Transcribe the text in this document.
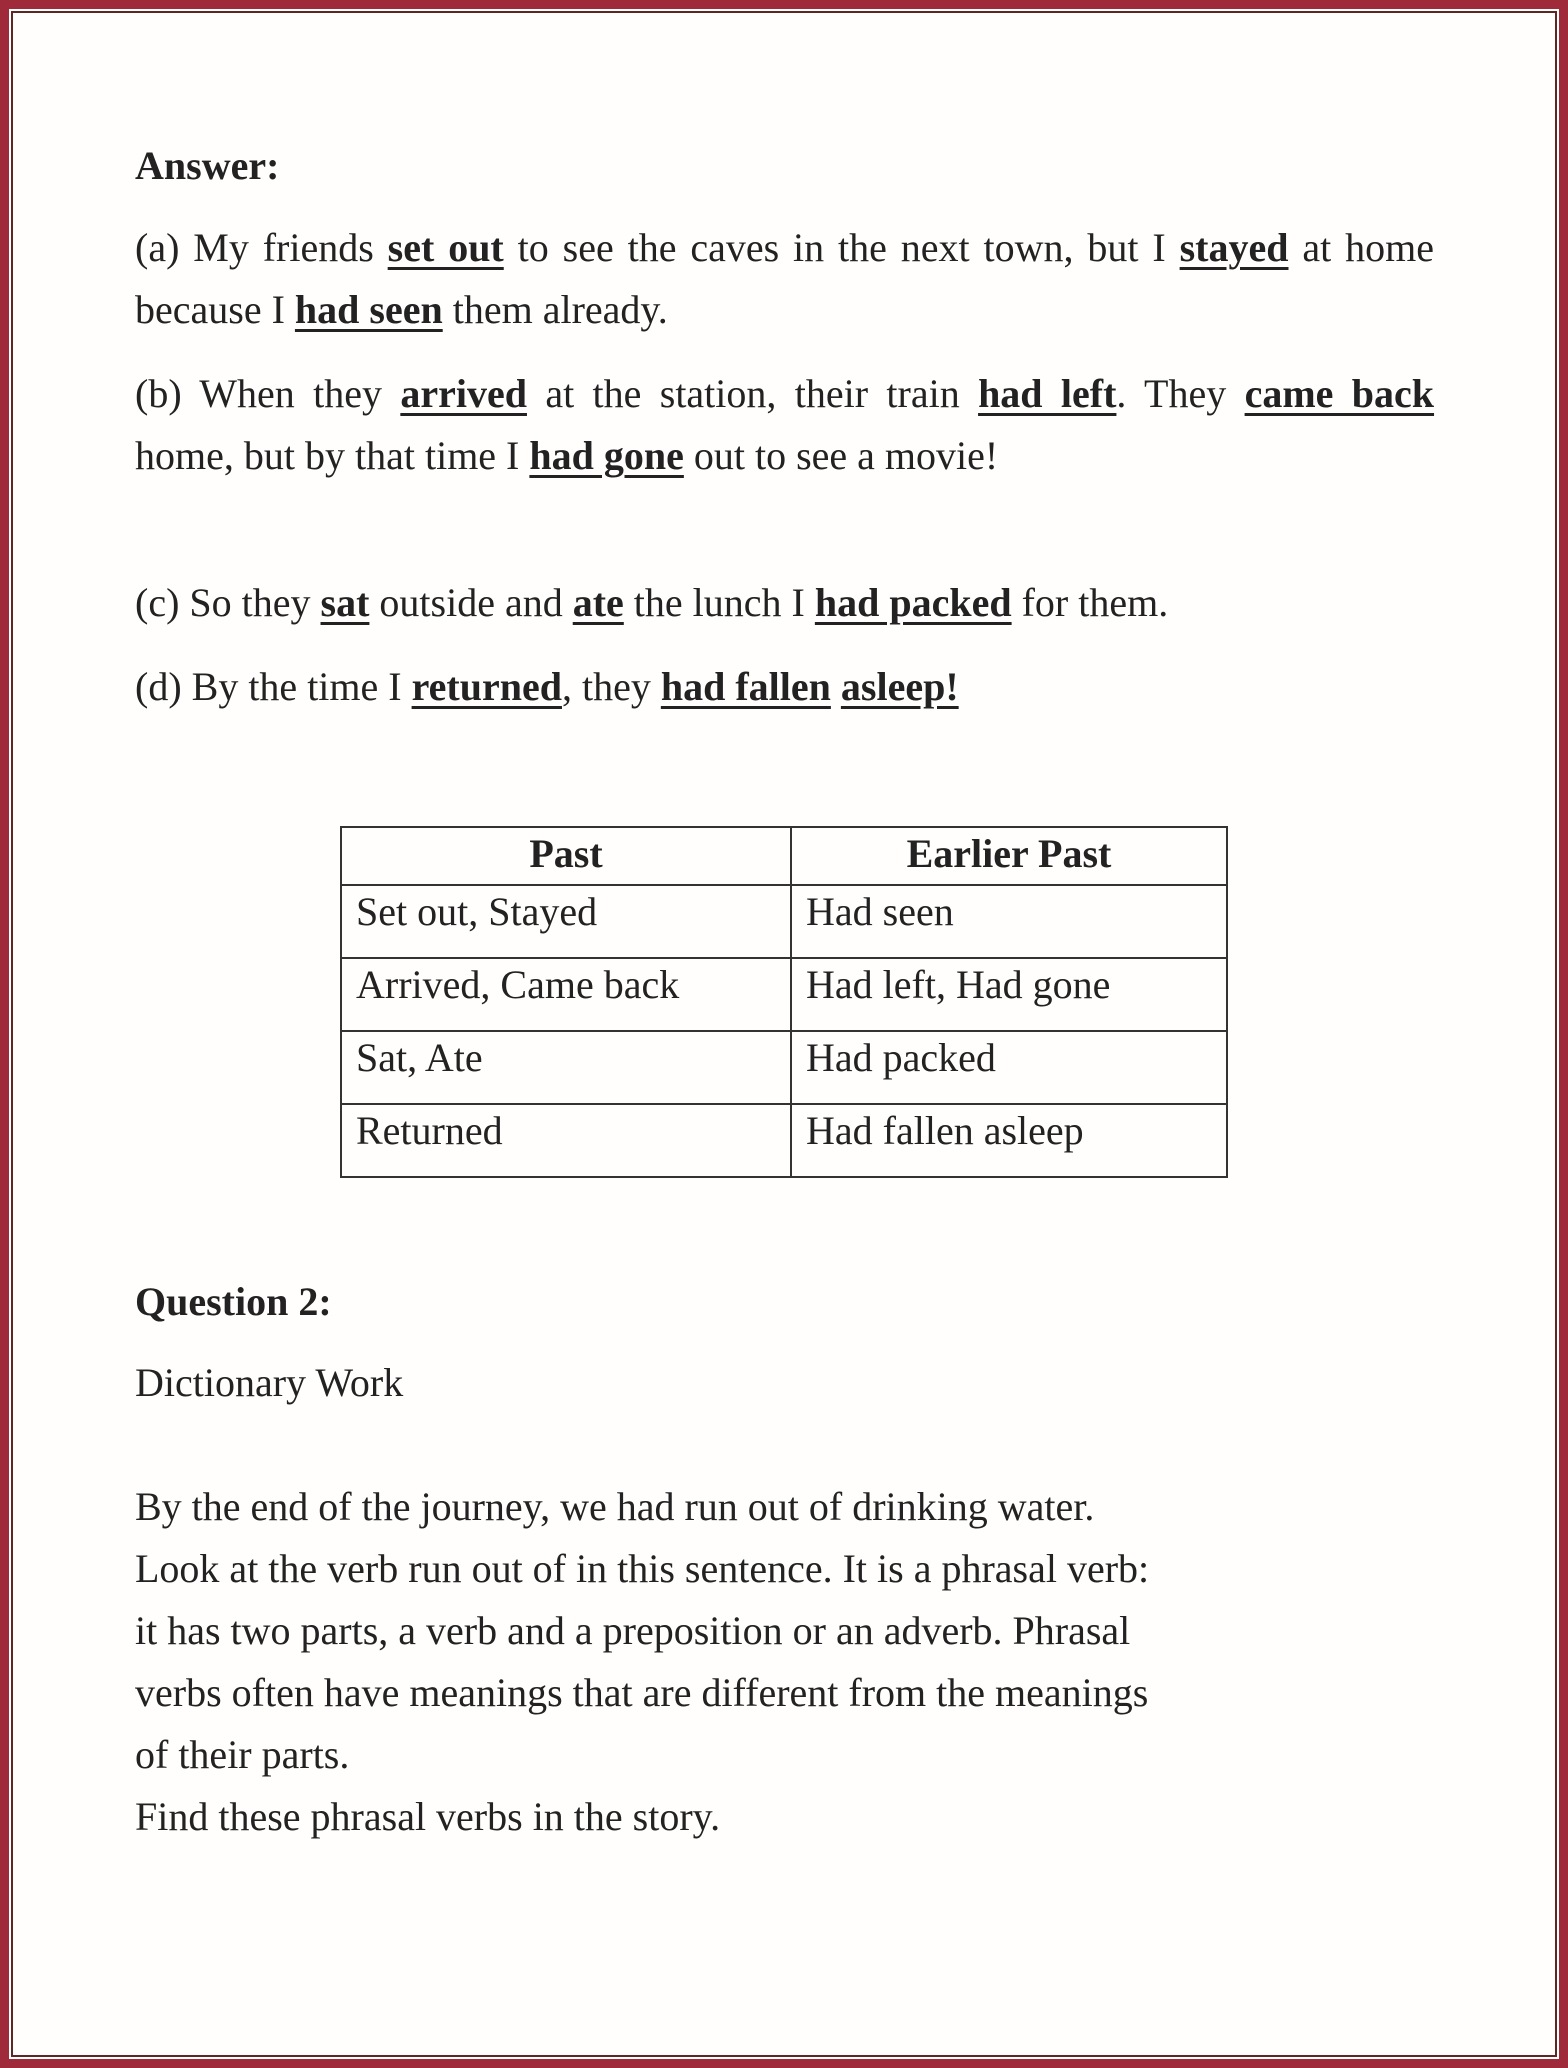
Answer:

(a) My friends set out to see the caves in the next town, but I stayed at home because I had seen them already.

(b) When they arrived at the station, their train had left. They came back home, but by that time I had gone out to see a movie!

(c) So they sat outside and ate the lunch I had packed for them.

(d) By the time I returned, they had fallen asleep!

Past	Earlier Past
Set out, Stayed	Had seen
Arrived, Came back	Had left, Had gone
Sat, Ate	Had packed
Returned	Had fallen asleep

Question 2:

Dictionary Work

By the end of the journey, we had run out of drinking water.
Look at the verb run out of in this sentence. It is a phrasal verb:
it has two parts, a verb and a preposition or an adverb. Phrasal
verbs often have meanings that are different from the meanings
of their parts.
Find these phrasal verbs in the story.
